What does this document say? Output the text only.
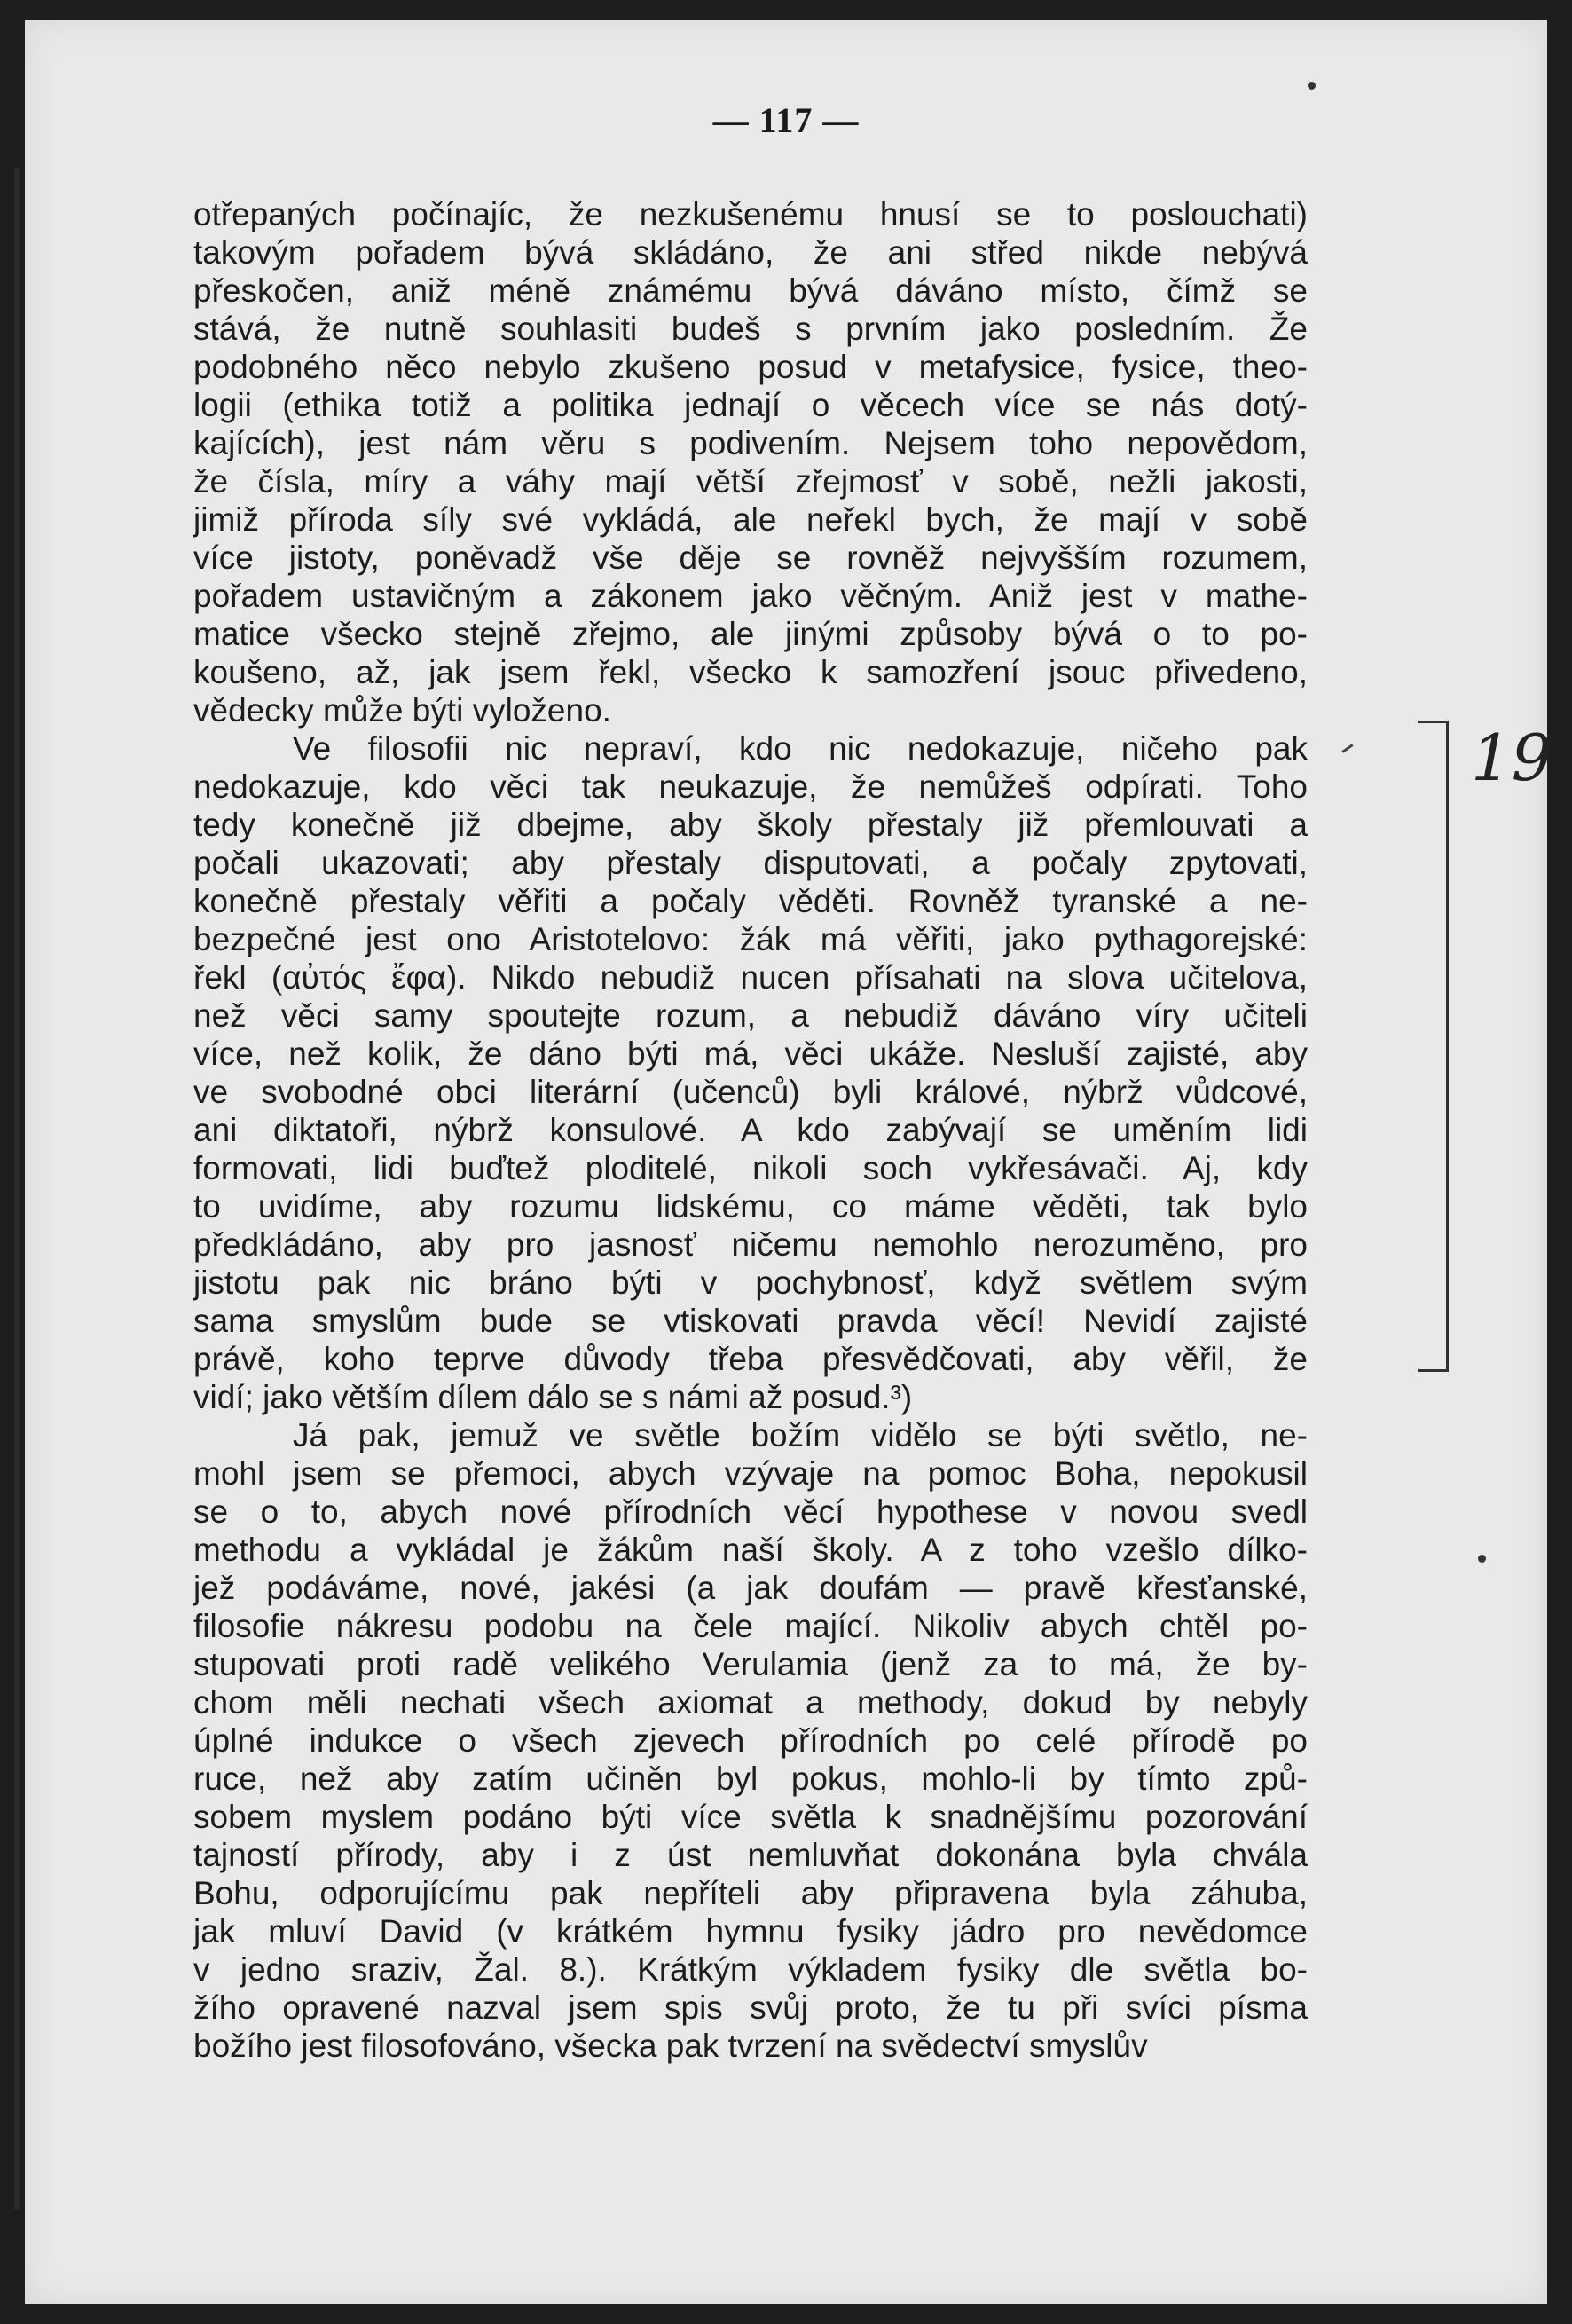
— 117 —
otřepaných počínajíc, že nezkušenému hnusí se to poslouchati)
takovým pořadem bývá skládáno, že ani střed nikde nebývá
přeskočen, aniž méně známému bývá dáváno místo, čímž se
stává, že nutně souhlasiti budeš s prvním jako posledním. Že
podobného něco nebylo zkušeno posud v metafysice, fysice, theo-
logii (ethika totiž a politika jednají o věcech více se nás dotý-
kajících), jest nám věru s podivením. Nejsem toho nepovědom,
že čísla, míry a váhy mají větší zřejmosť v sobě, nežli jakosti,
jimiž příroda síly své vykládá, ale neřekl bych, že mají v sobě
více jistoty, poněvadž vše děje se rovněž nejvyšším rozumem,
pořadem ustavičným a zákonem jako věčným. Aniž jest v mathe-
matice všecko stejně zřejmo, ale jinými způsoby bývá o to po-
koušeno, až, jak jsem řekl, všecko k samozření jsouc přivedeno,
vědecky může býti vyloženo.
Ve filosofii nic nepraví, kdo nic nedokazuje, ničeho pak
nedokazuje, kdo věci tak neukazuje, že nemůžeš odpírati. Toho
tedy konečně již dbejme, aby školy přestaly již přemlouvati a
počali ukazovati; aby přestaly disputovati, a počaly zpytovati,
konečně přestaly věřiti a počaly věděti. Rovněž tyranské a ne-
bezpečné jest ono Aristotelovo: žák má věřiti, jako pythagorejské:
řekl (αὐτός ἔφα). Nikdo nebudiž nucen přísahati na slova učitelova,
než věci samy spoutejte rozum, a nebudiž dáváno víry učiteli
více, než kolik, že dáno býti má, věci ukáže. Nesluší zajisté, aby
ve svobodné obci literární (učenců) byli králové, nýbrž vůdcové,
ani diktatoři, nýbrž konsulové. A kdo zabývají se uměním lidi
formovati, lidi buďtež ploditelé, nikoli soch vykřesávači. Aj, kdy
to uvidíme, aby rozumu lidskému, co máme věděti, tak bylo
předkládáno, aby pro jasnosť ničemu nemohlo nerozuměno, pro
jistotu pak nic bráno býti v pochybnosť, když světlem svým
sama smyslům bude se vtiskovati pravda věcí! Nevidí zajisté
právě, koho teprve důvody třeba přesvědčovati, aby věřil, že
vidí; jako větším dílem dálo se s námi až posud.³)
Já pak, jemuž ve světle božím vidělo se býti světlo, ne-
mohl jsem se přemoci, abych vzývaje na pomoc Boha, nepokusil
se o to, abych nové přírodních věcí hypothese v novou svedl
methodu a vykládal je žákům naší školy. A z toho vzešlo dílko-
jež podáváme, nové, jakési (a jak doufám — pravě křesťanské,
filosofie nákresu podobu na čele mající. Nikoliv abych chtěl po-
stupovati proti radě velikého Verulamia (jenž za to má, že by-
chom měli nechati všech axiomat a methody, dokud by nebyly
úplné indukce o všech zjevech přírodních po celé přírodě po
ruce, než aby zatím učiněn byl pokus, mohlo-li by tímto způ-
sobem myslem podáno býti více světla k snadnějšímu pozorování
tajností přírody, aby i z úst nemluvňat dokonána byla chvála
Bohu, odporujícímu pak nepříteli aby připravena byla záhuba,
jak mluví David (v krátkém hymnu fysiky jádro pro nevědomce
v jedno sraziv, Žal. 8.). Krátkým výkladem fysiky dle světla bo-
žího opravené nazval jsem spis svůj proto, že tu při svíci písma
božího jest filosofováno, všecka pak tvrzení na svědectví smyslův
19
